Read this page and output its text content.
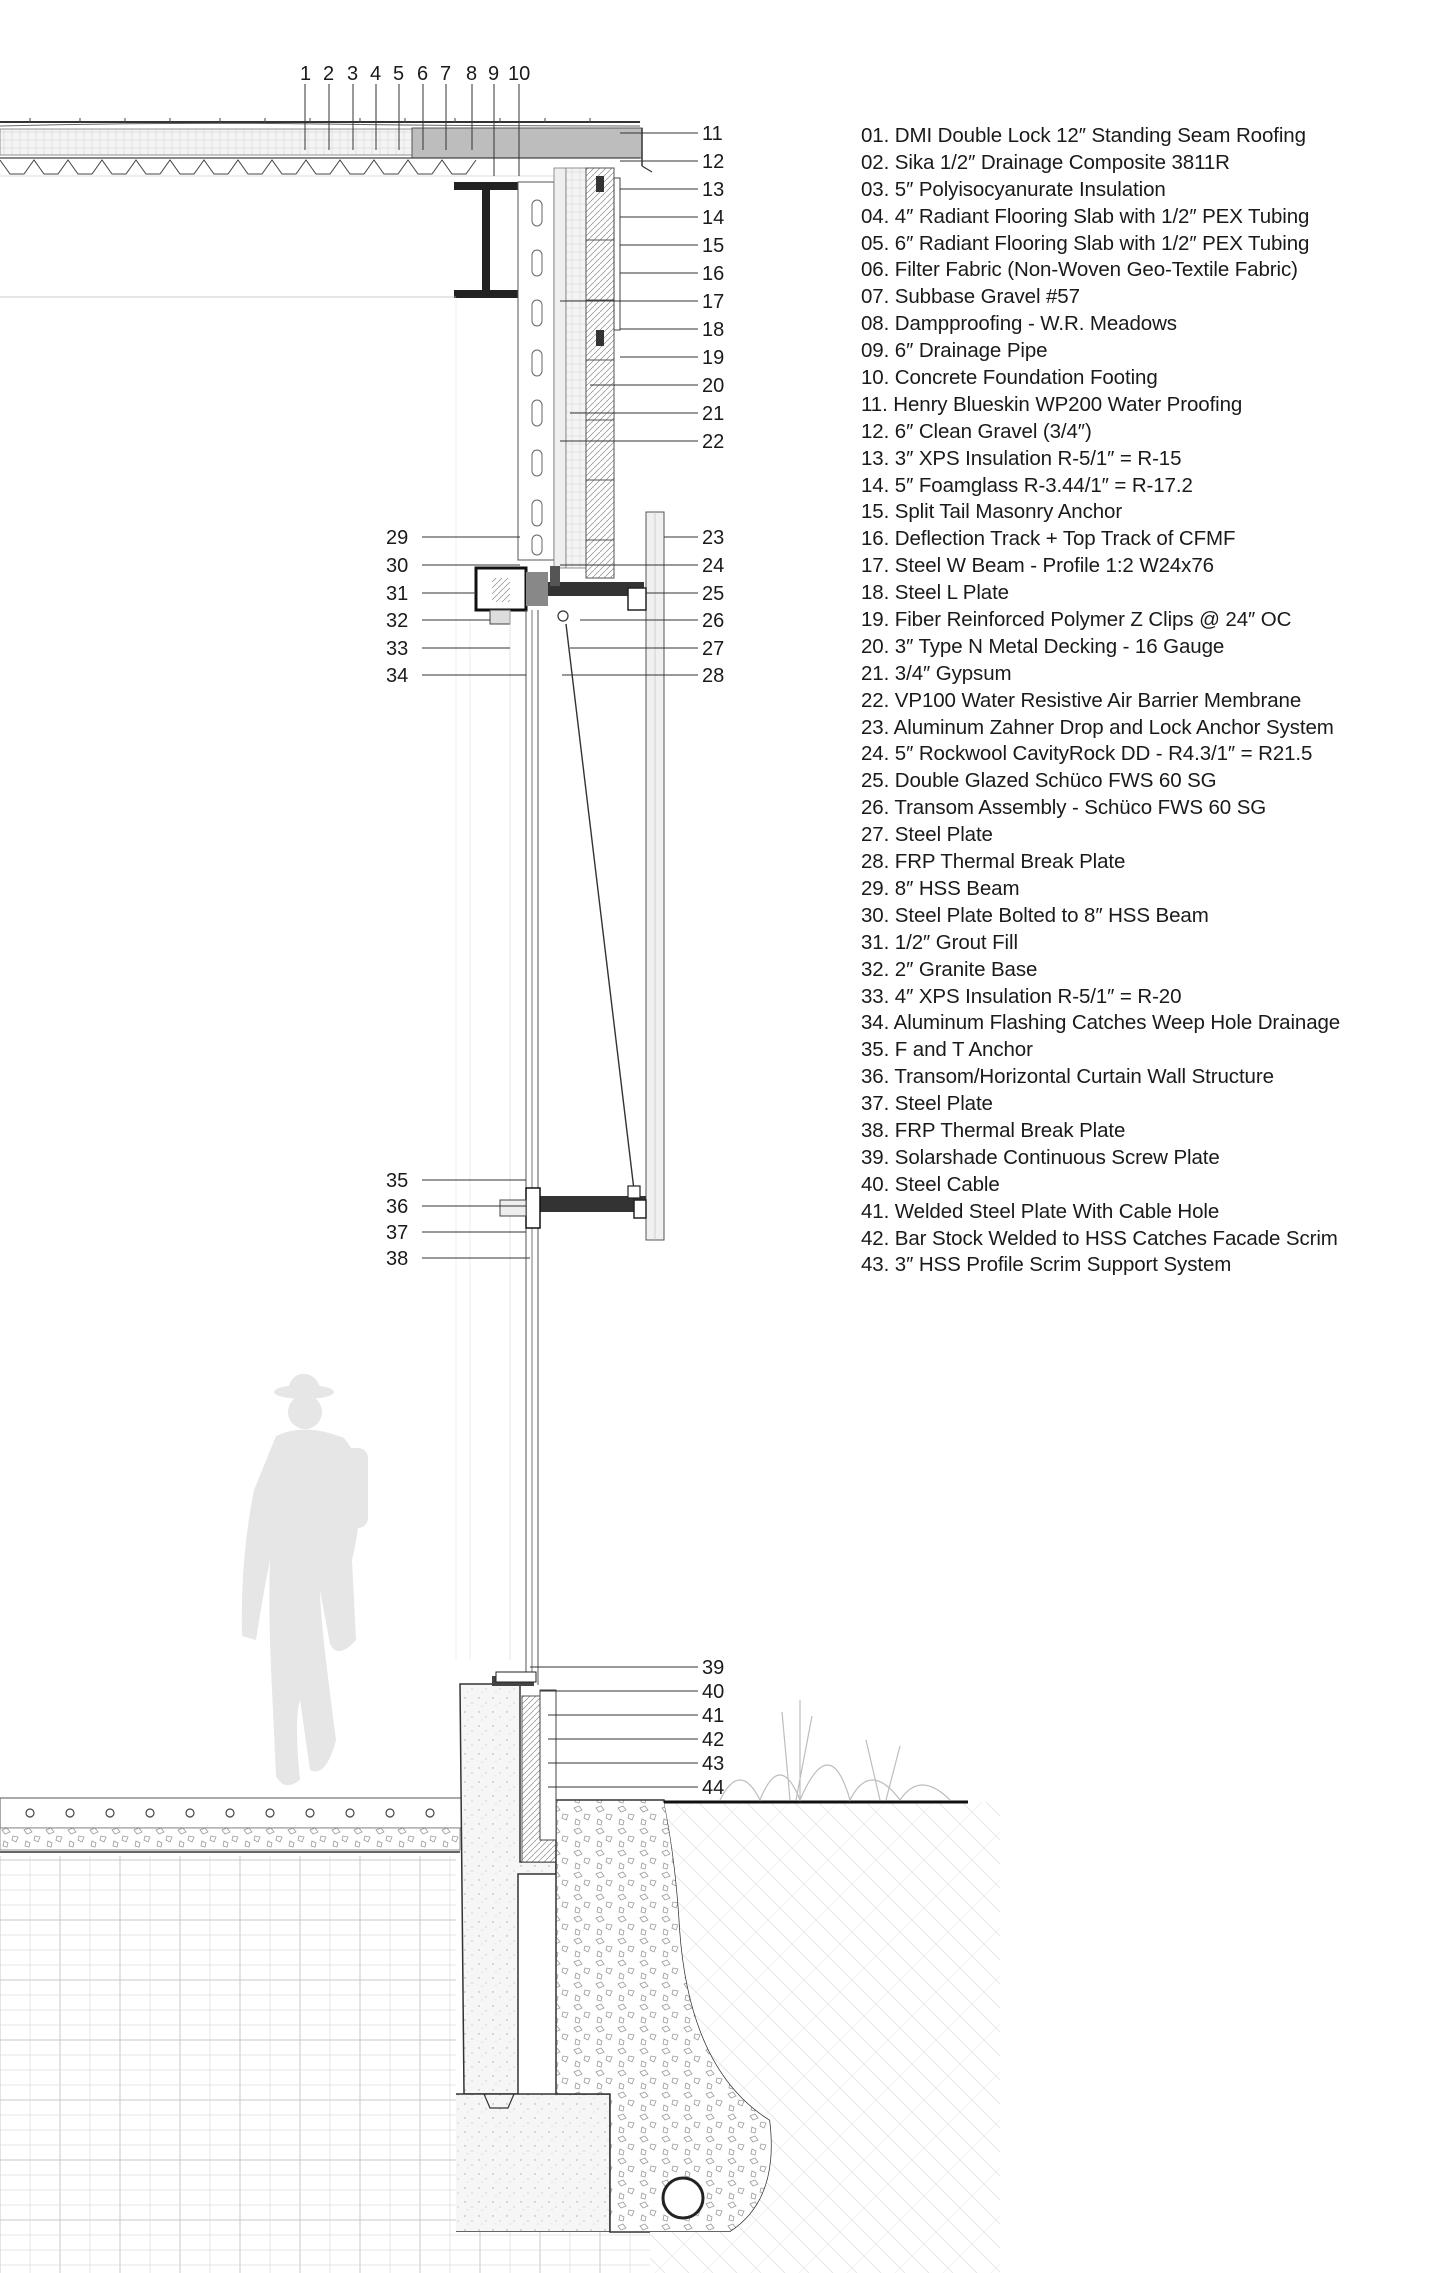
1 2 3 4 5 6 7 8 9 10
11
12
13
14
15
16
17
18
19
20
21
22
23
24
25
26
27
28
29
30
31
32
33
34
35
36
37
38
39
40
41
42
43
44
01. DMI Double Lock 12″ Standing Seam Roofing
02. Sika 1/2″ Drainage Composite 3811R
03. 5″ Polyisocyanurate Insulation
04. 4″ Radiant Flooring Slab with 1/2″ PEX Tubing
05. 6″ Radiant Flooring Slab with 1/2″ PEX Tubing
06. Filter Fabric (Non-Woven Geo-Textile Fabric)
07. Subbase Gravel #57
08. Dampproofing - W.R. Meadows
09. 6″ Drainage Pipe
10. Concrete Foundation Footing
11. Henry Blueskin WP200 Water Proofing
12. 6″ Clean Gravel (3/4″)
13. 3″ XPS Insulation R-5/1″ = R-15
14. 5″ Foamglass R-3.44/1″ = R-17.2
15. Split Tail Masonry Anchor
16. Deflection Track + Top Track of CFMF
17. Steel W Beam - Profile 1:2 W24x76
18. Steel L Plate
19. Fiber Reinforced Polymer Z Clips @ 24″ OC
20. 3″ Type N Metal Decking - 16 Gauge
21. 3/4″ Gypsum
22. VP100 Water Resistive Air Barrier Membrane
23. Aluminum Zahner Drop and Lock Anchor System
24. 5″ Rockwool CavityRock DD - R4.3/1″ = R21.5
25. Double Glazed Schüco FWS 60 SG
26. Transom Assembly - Schüco FWS 60 SG
27. Steel Plate
28. FRP Thermal Break Plate
29. 8″ HSS Beam
30. Steel Plate Bolted to 8″ HSS Beam
31. 1/2″ Grout Fill
32. 2″ Granite Base
33. 4″ XPS Insulation R-5/1″ = R-20
34. Aluminum Flashing Catches Weep Hole Drainage
35. F and T Anchor
36. Transom/Horizontal Curtain Wall Structure
37. Steel Plate
38. FRP Thermal Break Plate
39. Solarshade Continuous Screw Plate
40. Steel Cable
41. Welded Steel Plate With Cable Hole
42. Bar Stock Welded to HSS Catches Facade Scrim
43. 3″ HSS Profile Scrim Support System
